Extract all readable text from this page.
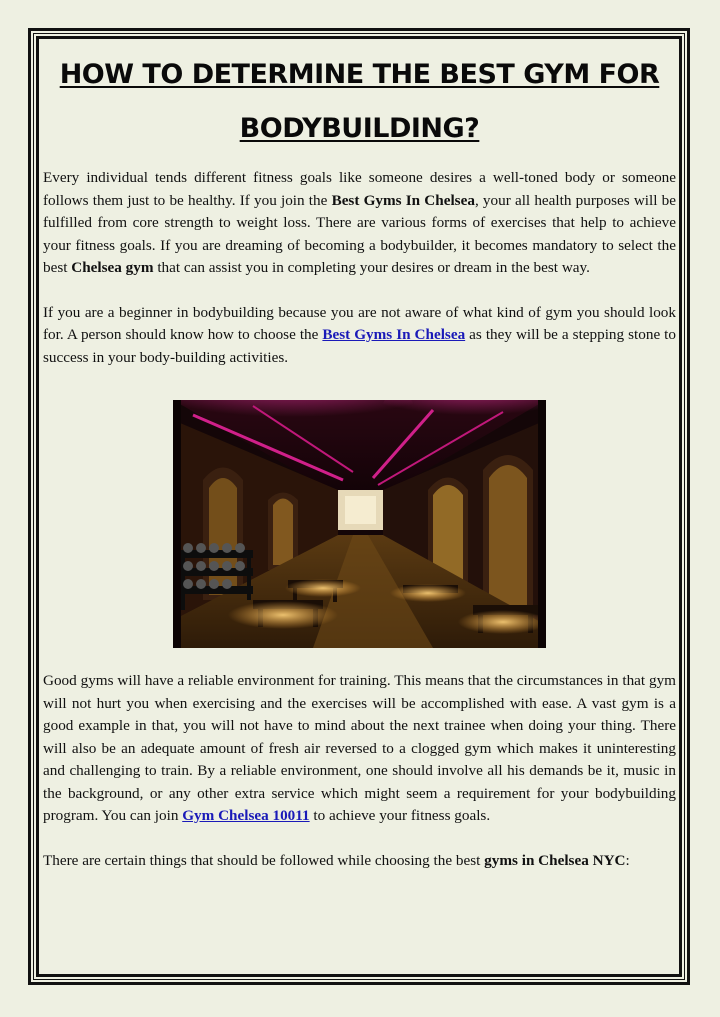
HOW TO DETERMINE THE BEST GYM FOR
BODYBUILDING?

Every individual tends different fitness goals like someone desires a well-toned body or someone follows them just to be healthy. If you join the Best Gyms In Chelsea, your all health purposes will be fulfilled from core strength to weight loss. There are various forms of exercises that help to achieve your fitness goals. If you are dreaming of becoming a bodybuilder, it becomes mandatory to select the best Chelsea gym that can assist you in completing your desires or dream in the best way.

If you are a beginner in bodybuilding because you are not aware of what kind of gym you should look for. A person should know how to choose the Best Gyms In Chelsea as they will be a stepping stone to success in your body-building activities.

Good gyms will have a reliable environment for training. This means that the circumstances in that gym will not hurt you when exercising and the exercises will be accomplished with ease. A vast gym is a good example in that, you will not have to mind about the next trainee when doing your thing. There will also be an adequate amount of fresh air reversed to a clogged gym which makes it uninteresting and challenging to train. By a reliable environment, one should involve all his demands be it, music in the background, or any other extra service which might seem a requirement for your bodybuilding program. You can join Gym Chelsea 10011 to achieve your fitness goals.

There are certain things that should be followed while choosing the best gyms in Chelsea NYC:
